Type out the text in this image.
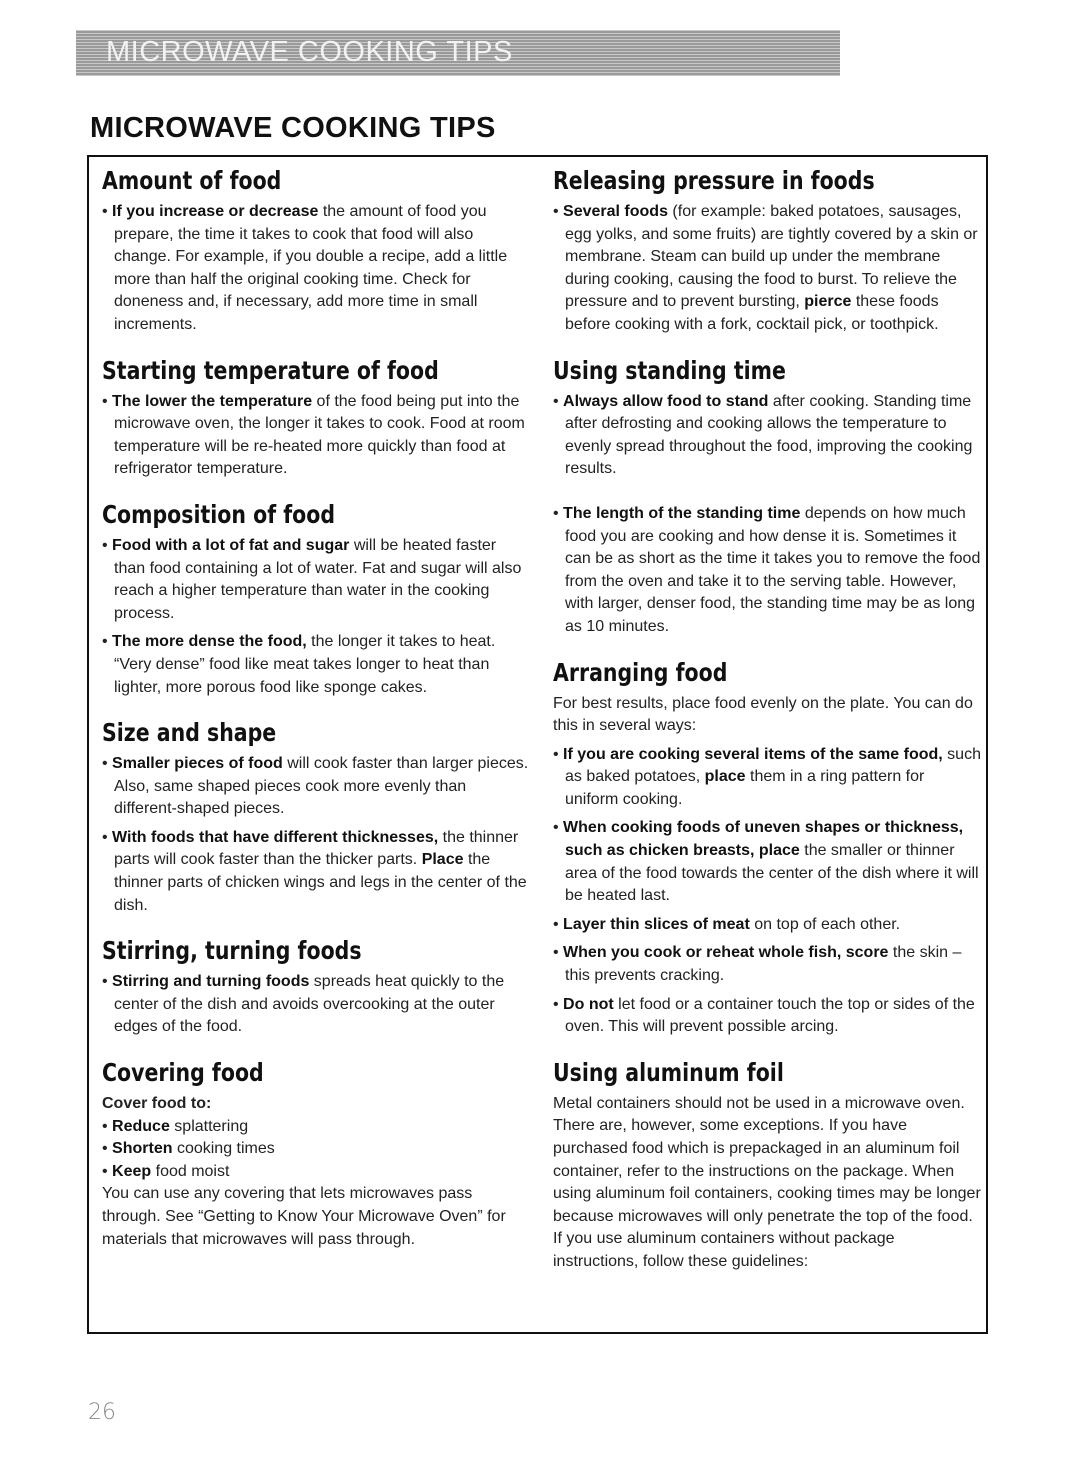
MICROWAVE COOKING TIPS
MICROWAVE COOKING TIPS
Amount of food

• If you increase or decrease the amount of food you prepare, the time it takes to cook that food will also change. For example, if you double a recipe, add a little more than half the original cooking time. Check for doneness and, if necessary, add more time in small increments.

Starting temperature of food

• The lower the temperature of the food being put into the microwave oven, the longer it takes to cook. Food at room temperature will be re-heated more quickly than food at refrigerator temperature.

Composition of food

• Food with a lot of fat and sugar will be heated faster than food containing a lot of water. Fat and sugar will also reach a higher temperature than water in the cooking process.

• The more dense the food, the longer it takes to heat. “Very dense” food like meat takes longer to heat than lighter, more porous food like sponge cakes.

Size and shape

• Smaller pieces of food will cook faster than larger pieces. Also, same shaped pieces cook more evenly than different-shaped pieces.

• With foods that have different thicknesses, the thinner parts will cook faster than the thicker parts. Place the thinner parts of chicken wings and legs in the center of the dish.

Stirring, turning foods

• Stirring and turning foods spreads heat quickly to the center of the dish and avoids overcooking at the outer edges of the food.

Covering food

Cover food to:

• Reduce splattering

• Shorten cooking times

• Keep food moist

You can use any covering that lets microwaves pass through. See “Getting to Know Your Microwave Oven” for materials that microwaves will pass through.

Releasing pressure in foods

• Several foods (for example: baked potatoes, sausages, egg yolks, and some fruits) are tightly covered by a skin or membrane. Steam can build up under the membrane during cooking, causing the food to burst. To relieve the pressure and to prevent bursting, pierce these foods before cooking with a fork, cocktail pick, or toothpick.

Using standing time

• Always allow food to stand after cooking. Standing time after defrosting and cooking allows the temperature to evenly spread throughout the food, improving the cooking results.

• The length of the standing time depends on how much food you are cooking and how dense it is. Sometimes it can be as short as the time it takes you to remove the food from the oven and take it to the serving table. However, with larger, denser food, the standing time may be as long as 10 minutes.

Arranging food

For best results, place food evenly on the plate. You can do this in several ways:

• If you are cooking several items of the same food, such as baked potatoes, place them in a ring pattern for uniform cooking.

• When cooking foods of uneven shapes or thickness, such as chicken breasts, place the smaller or thinner area of the food towards the center of the dish where it will be heated last.

• Layer thin slices of meat on top of each other.

• When you cook or reheat whole fish, score the skin – this prevents cracking.

• Do not let food or a container touch the top or sides of the oven. This will prevent possible arcing.

Using aluminum foil

Metal containers should not be used in a microwave oven. There are, however, some exceptions. If you have purchased food which is prepackaged in an aluminum foil container, refer to the instructions on the package. When using aluminum foil containers, cooking times may be longer because microwaves will only penetrate the top of the food. If you use aluminum containers without package instructions, follow these guidelines:

26
